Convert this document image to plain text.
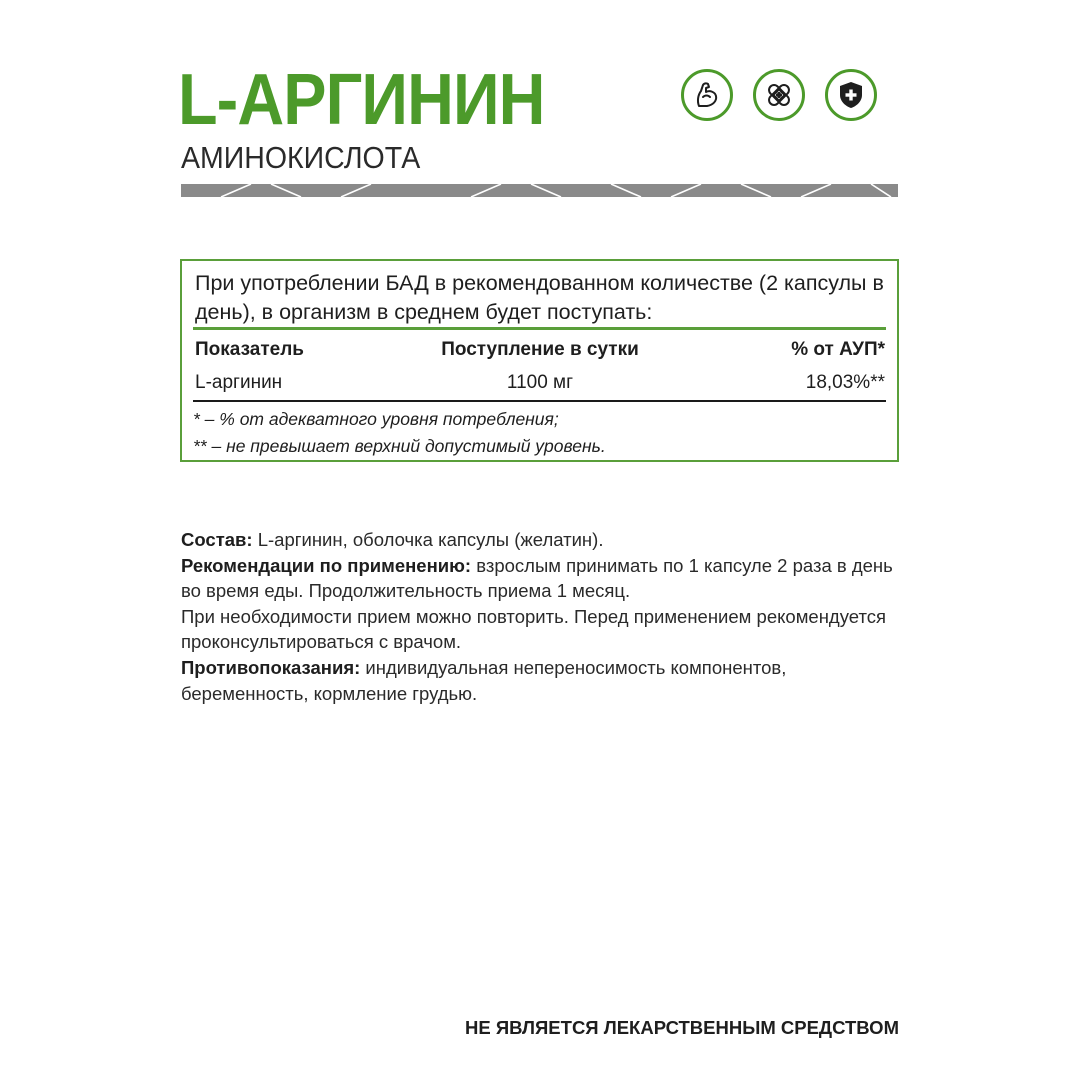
L-АРГИНИН
АМИНОКИСЛОТА
При употреблении БАД в рекомендованном количестве (2 капсулы в день), в организм в среднем будет поступать:
Показатель	Поступление в сутки	% от АУП*
L-аргинин	1100 мг	18,03%**
* – % от адекватного уровня потребления;
** – не превышает верхний допустимый уровень.

Состав: L-аргинин, оболочка капсулы (желатин).

Рекомендации по применению: взрослым принимать по 1 капсуле 2 раза в день во время еды. Продолжительность приема 1 месяц.

При необходимости прием можно повторить. Перед применением рекомендуется проконсультироваться с врачом.

Противопоказания: индивидуальная непереносимость компонентов, беременность, кормление грудью.

НЕ ЯВЛЯЕТСЯ ЛЕКАРСТВЕННЫМ СРЕДСТВОМ
